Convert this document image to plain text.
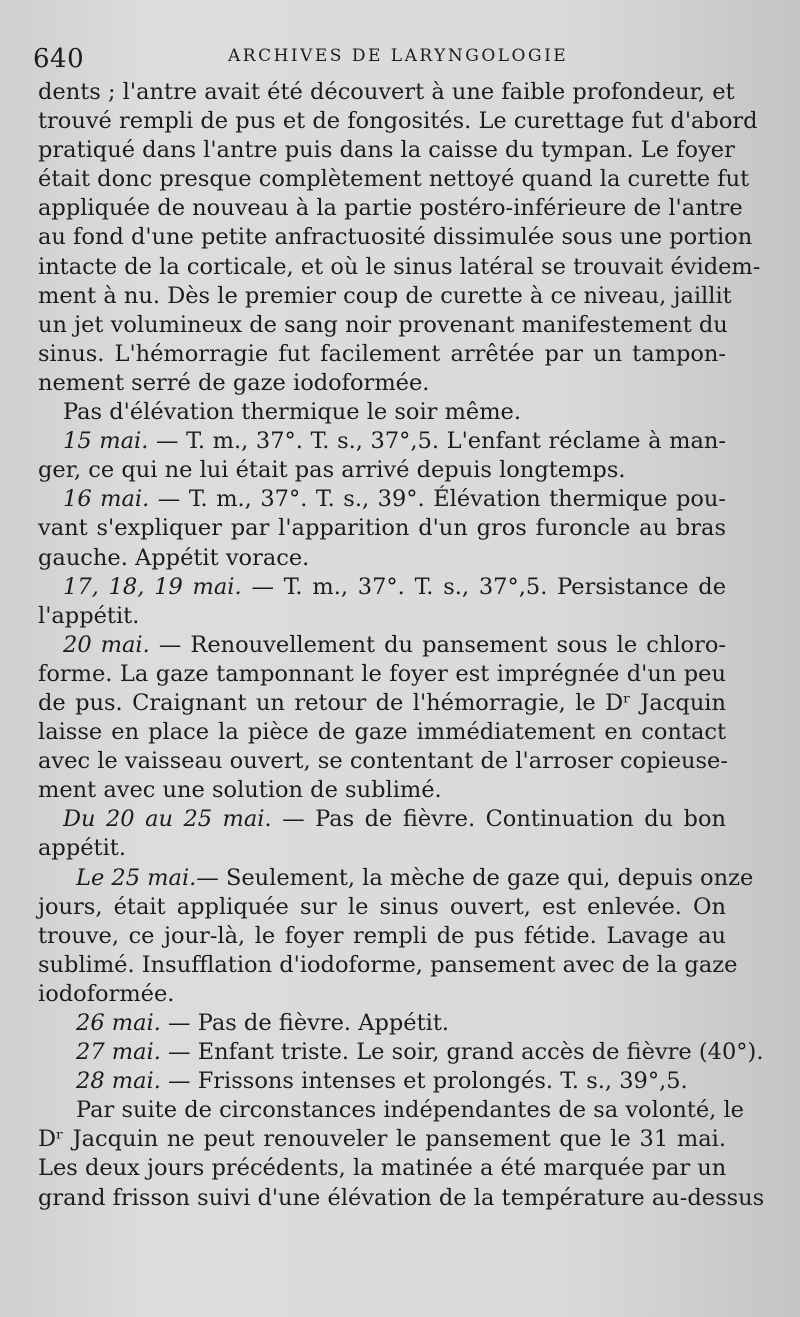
640	ARCHIVES DE LARYNGOLOGIE
dents ; l'antre avait été découvert à une faible profondeur, et
trouvé rempli de pus et de fongosités. Le curettage fut d'abord
pratiqué dans l'antre puis dans la caisse du tympan. Le foyer
était donc presque complètement nettoyé quand la curette fut
appliquée de nouveau à la partie postéro-inférieure de l'antre
au fond d'une petite anfractuosité dissimulée sous une portion
intacte de la corticale, et où le sinus latéral se trouvait évidem-
ment à nu. Dès le premier coup de curette à ce niveau, jaillit
un jet volumineux de sang noir provenant manifestement du
sinus. L'hémorragie fut facilement arrêtée par un tampon-
nement serré de gaze iodoformée.
Pas d'élévation thermique le soir même.
15 mai. — T. m., 37°. T. s., 37°,5. L'enfant réclame à man-
ger, ce qui ne lui était pas arrivé depuis longtemps.
16 mai. — T. m., 37°. T. s., 39°. Élévation thermique pou-
vant s'expliquer par l'apparition d'un gros furoncle au bras
gauche. Appétit vorace.
17, 18, 19 mai. — T. m., 37°. T. s., 37°,5. Persistance de
l'appétit.
20 mai. — Renouvellement du pansement sous le chloro-
forme. La gaze tamponnant le foyer est imprégnée d'un peu
de pus. Craignant un retour de l'hémorragie, le Dʳ Jacquin
laisse en place la pièce de gaze immédiatement en contact
avec le vaisseau ouvert, se contentant de l'arroser copieuse-
ment avec une solution de sublimé.
Du 20 au 25 mai. — Pas de fièvre. Continuation du bon
appétit.
Le 25 mai.— Seulement, la mèche de gaze qui, depuis onze
jours, était appliquée sur le sinus ouvert, est enlevée. On
trouve, ce jour-là, le foyer rempli de pus fétide. Lavage au
sublimé. Insufflation d'iodoforme, pansement avec de la gaze
iodoformée.
26 mai. — Pas de fièvre. Appétit.
27 mai. — Enfant triste. Le soir, grand accès de fièvre (40°).
28 mai. — Frissons intenses et prolongés. T. s., 39°,5.
Par suite de circonstances indépendantes de sa volonté, le
Dʳ Jacquin ne peut renouveler le pansement que le 31 mai.
Les deux jours précédents, la matinée a été marquée par un
grand frisson suivi d'une élévation de la température au-dessus
